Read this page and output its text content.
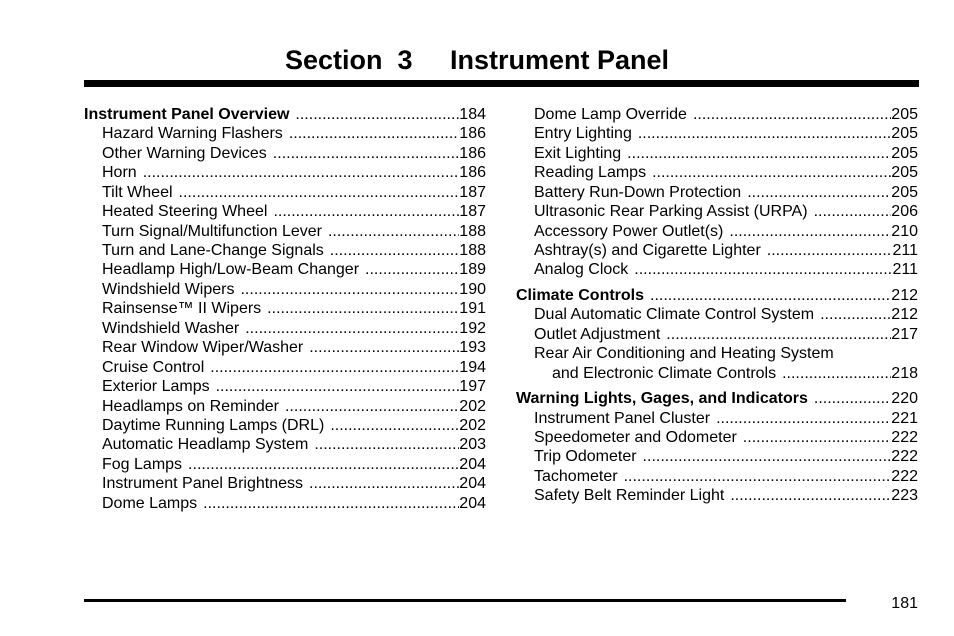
Section  3     Instrument Panel
Instrument Panel Overview .....	184
Hazard Warning Flashers .....	186
Other Warning Devices .....	186
Horn .....	186
Tilt Wheel .....	187
Heated Steering Wheel .....	187
Turn Signal/Multifunction Lever .....	188
Turn and Lane-Change Signals .....	188
Headlamp High/Low-Beam Changer .....	189
Windshield Wipers .....	190
Rainsense™ II Wipers .....	191
Windshield Washer .....	192
Rear Window Wiper/Washer .....	193
Cruise Control .....	194
Exterior Lamps .....	197
Headlamps on Reminder .....	202
Daytime Running Lamps (DRL) .....	202
Automatic Headlamp System .....	203
Fog Lamps .....	204
Instrument Panel Brightness .....	204
Dome Lamps .....	204
Dome Lamp Override .....	205
Entry Lighting .....	205
Exit Lighting .....	205
Reading Lamps .....	205
Battery Run-Down Protection .....	205
Ultrasonic Rear Parking Assist (URPA) .....	206
Accessory Power Outlet(s) .....	210
Ashtray(s) and Cigarette Lighter .....	211
Analog Clock .....	211
Climate Controls .....	212
Dual Automatic Climate Control System .....	212
Outlet Adjustment .....	217
Rear Air Conditioning and Heating System
and Electronic Climate Controls .....	218
Warning Lights, Gages, and Indicators .....	220
Instrument Panel Cluster .....	221
Speedometer and Odometer .....	222
Trip Odometer .....	222
Tachometer .....	222
Safety Belt Reminder Light .....	223
181
